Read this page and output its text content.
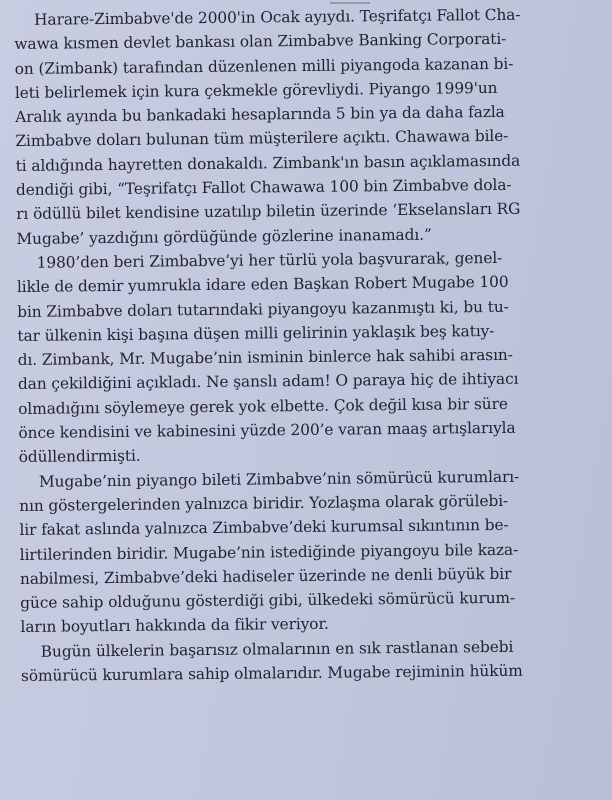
Harare-Zimbabve'de 2000'in Ocak ayıydı. Teşrifatçı Fallot Cha-
wawa kısmen devlet bankası olan Zimbabve Banking Corporati-
on (Zimbank) tarafından düzenlenen milli piyangoda kazanan bi-
leti belirlemek için kura çekmekle görevliydi. Piyango 1999'un
Aralık ayında bu bankadaki hesaplarında 5 bin ya da daha fazla
Zimbabve doları bulunan tüm müşterilere açıktı. Chawawa bile-
ti aldığında hayretten donakaldı. Zimbank'ın basın açıklamasında
dendiği gibi, “Teşrifatçı Fallot Chawawa 100 bin Zimbabve dola-
rı ödüllü bilet kendisine uzatılıp biletin üzerinde ‘Ekselansları RG
Mugabe’ yazdığını gördüğünde gözlerine inanamadı.”
1980’den beri Zimbabve’yi her türlü yola başvurarak, genel-
likle de demir yumrukla idare eden Başkan Robert Mugabe 100
bin Zimbabve doları tutarındaki piyangoyu kazanmıştı ki, bu tu-
tar ülkenin kişi başına düşen milli gelirinin yaklaşık beş katıy-
dı. Zimbank, Mr. Mugabe’nin isminin binlerce hak sahibi arasın-
dan çekildiğini açıkladı. Ne şanslı adam! O paraya hiç de ihtiyacı
olmadığını söylemeye gerek yok elbette. Çok değil kısa bir süre
önce kendisini ve kabinesini yüzde 200’e varan maaş artışlarıyla
ödüllendirmişti.
Mugabe’nin piyango bileti Zimbabve’nin sömürücü kurumları-
nın göstergelerinden yalnızca biridir. Yozlaşma olarak görülebi-
lir fakat aslında yalnızca Zimbabve’deki kurumsal sıkıntının be-
lirtilerinden biridir. Mugabe’nin istediğinde piyangoyu bile kaza-
nabilmesi, Zimbabve’deki hadiseler üzerinde ne denli büyük bir
güce sahip olduğunu gösterdiği gibi, ülkedeki sömürücü kurum-
ların boyutları hakkında da fikir veriyor.
Bugün ülkelerin başarısız olmalarının en sık rastlanan sebebi
sömürücü kurumlara sahip olmalarıdır. Mugabe rejiminin hüküm
